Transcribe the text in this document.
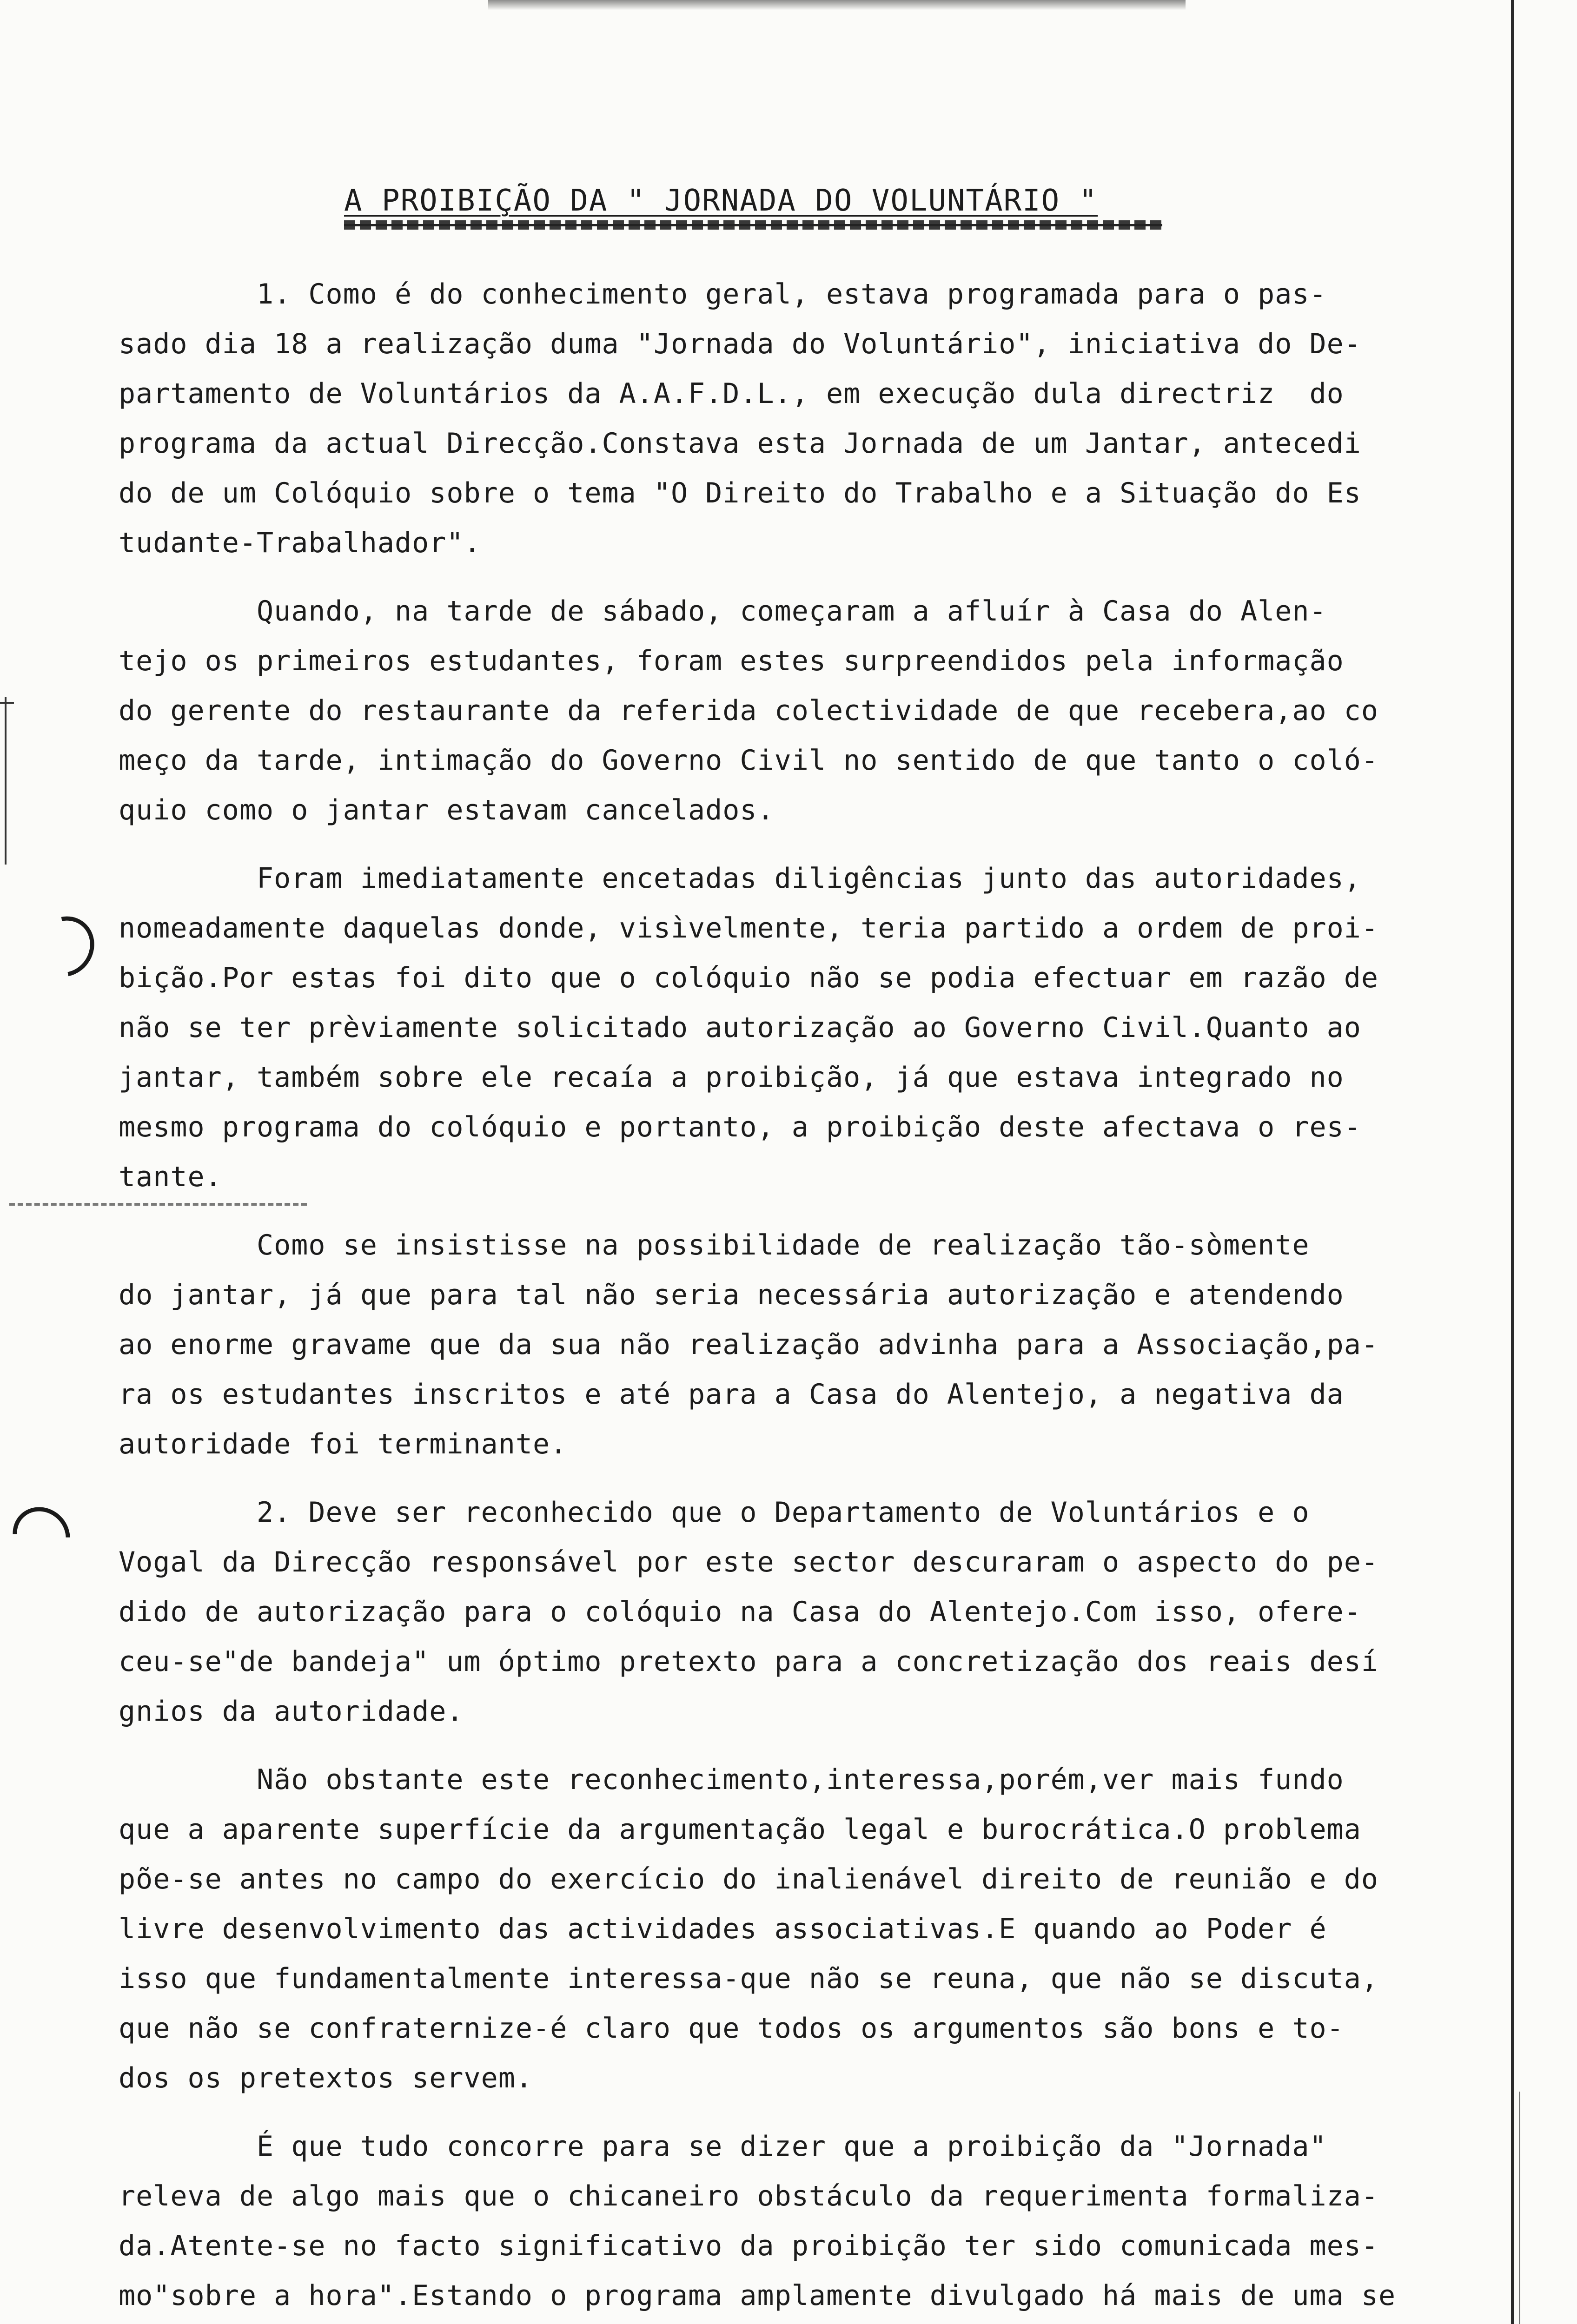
A PROIBIÇÃO DA " JORNADA DO VOLUNTÁRIO "
1. Como é do conhecimento geral, estava programada para o pas-
sado dia 18 a realização duma "Jornada do Voluntário", iniciativa do De-
partamento de Voluntários da A.A.F.D.L., em execução dula directriz  do
programa da actual Direcção.Constava esta Jornada de um Jantar, antecedi
do de um Colóquio sobre o tema "O Direito do Trabalho e a Situação do Es
tudante-Trabalhador".
Quando, na tarde de sábado, começaram a afluír à Casa do Alen-
tejo os primeiros estudantes, foram estes surpreendidos pela informação
do gerente do restaurante da referida colectividade de que recebera,ao co
meço da tarde, intimação do Governo Civil no sentido de que tanto o coló-
quio como o jantar estavam cancelados.
Foram imediatamente encetadas diligências junto das autoridades,
nomeadamente daquelas donde, visìvelmente, teria partido a ordem de proi-
bição.Por estas foi dito que o colóquio não se podia efectuar em razão de
não se ter prèviamente solicitado autorização ao Governo Civil.Quanto ao
jantar, também sobre ele recaía a proibição, já que estava integrado no
mesmo programa do colóquio e portanto, a proibição deste afectava o res-
tante.
Como se insistisse na possibilidade de realização tão-sòmente
do jantar, já que para tal não seria necessária autorização e atendendo
ao enorme gravame que da sua não realização advinha para a Associação,pa-
ra os estudantes inscritos e até para a Casa do Alentejo, a negativa da
autoridade foi terminante.
2. Deve ser reconhecido que o Departamento de Voluntários e o
Vogal da Direcção responsável por este sector descuraram o aspecto do pe-
dido de autorização para o colóquio na Casa do Alentejo.Com isso, ofere-
ceu-se"de bandeja" um óptimo pretexto para a concretização dos reais desí
gnios da autoridade.
Não obstante este reconhecimento,interessa,porém,ver mais fundo
que a aparente superfície da argumentação legal e burocrática.O problema
põe-se antes no campo do exercício do inalienável direito de reunião e do
livre desenvolvimento das actividades associativas.E quando ao Poder é
isso que fundamentalmente interessa-que não se reuna, que não se discuta,
que não se confraternize-é claro que todos os argumentos são bons e to-
dos os pretextos servem.
É que tudo concorre para se dizer que a proibição da "Jornada"
releva de algo mais que o chicaneiro obstáculo da requerimenta formaliza-
da.Atente-se no facto significativo da proibição ter sido comunicada mes-
mo"sobre a hora".Estando o programa amplamente divulgado há mais de uma se
